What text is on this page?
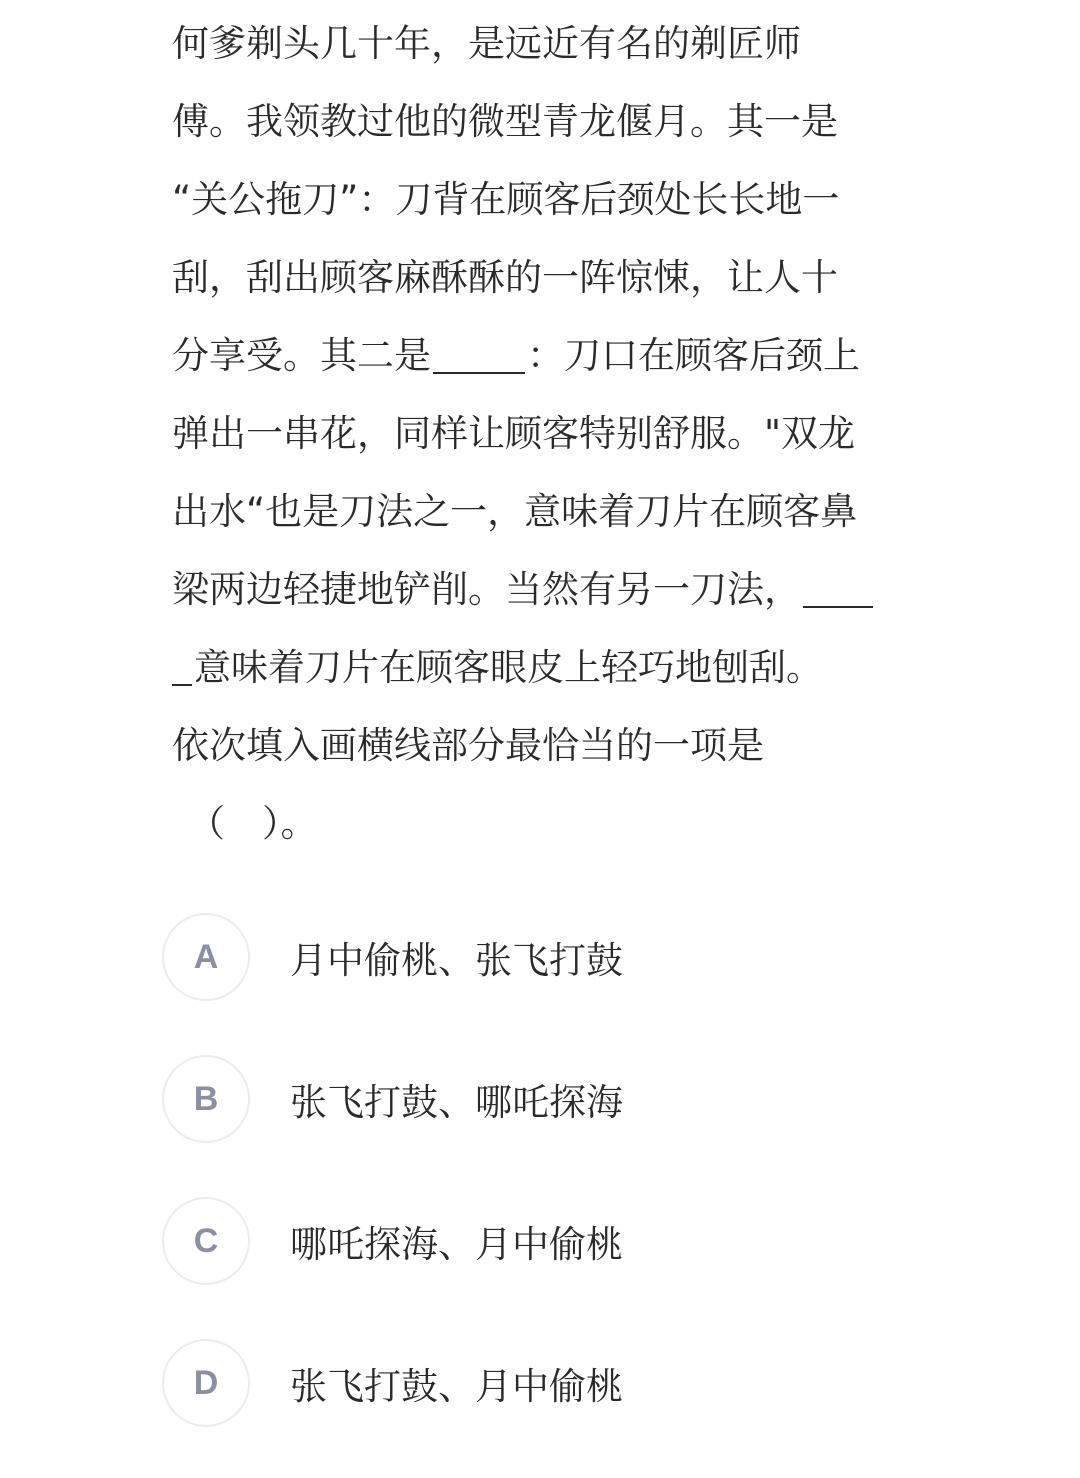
何爹剃头几十年，是远近有名的剃匠师
傅。我领教过他的微型青龙偃月。其一是
“关公拖刀”：刀背在顾客后颈处长长地一
刮，刮出顾客麻酥酥的一阵惊悚，让人十
分享受。其二是	：刀口在顾客后颈上
弹出一串花，同样让顾客特别舒服。"双龙
出水“也是刀法之一，意味着刀片在顾客鼻
梁两边轻捷地铲削。当然有另一刀法，
意味着刀片在顾客眼皮上轻巧地刨刮。
依次填入画横线部分最恰当的一项是
（　）。
A	月中偷桃、张飞打鼓
B	张飞打鼓、哪吒探海
C	哪吒探海、月中偷桃
D	张飞打鼓、月中偷桃
